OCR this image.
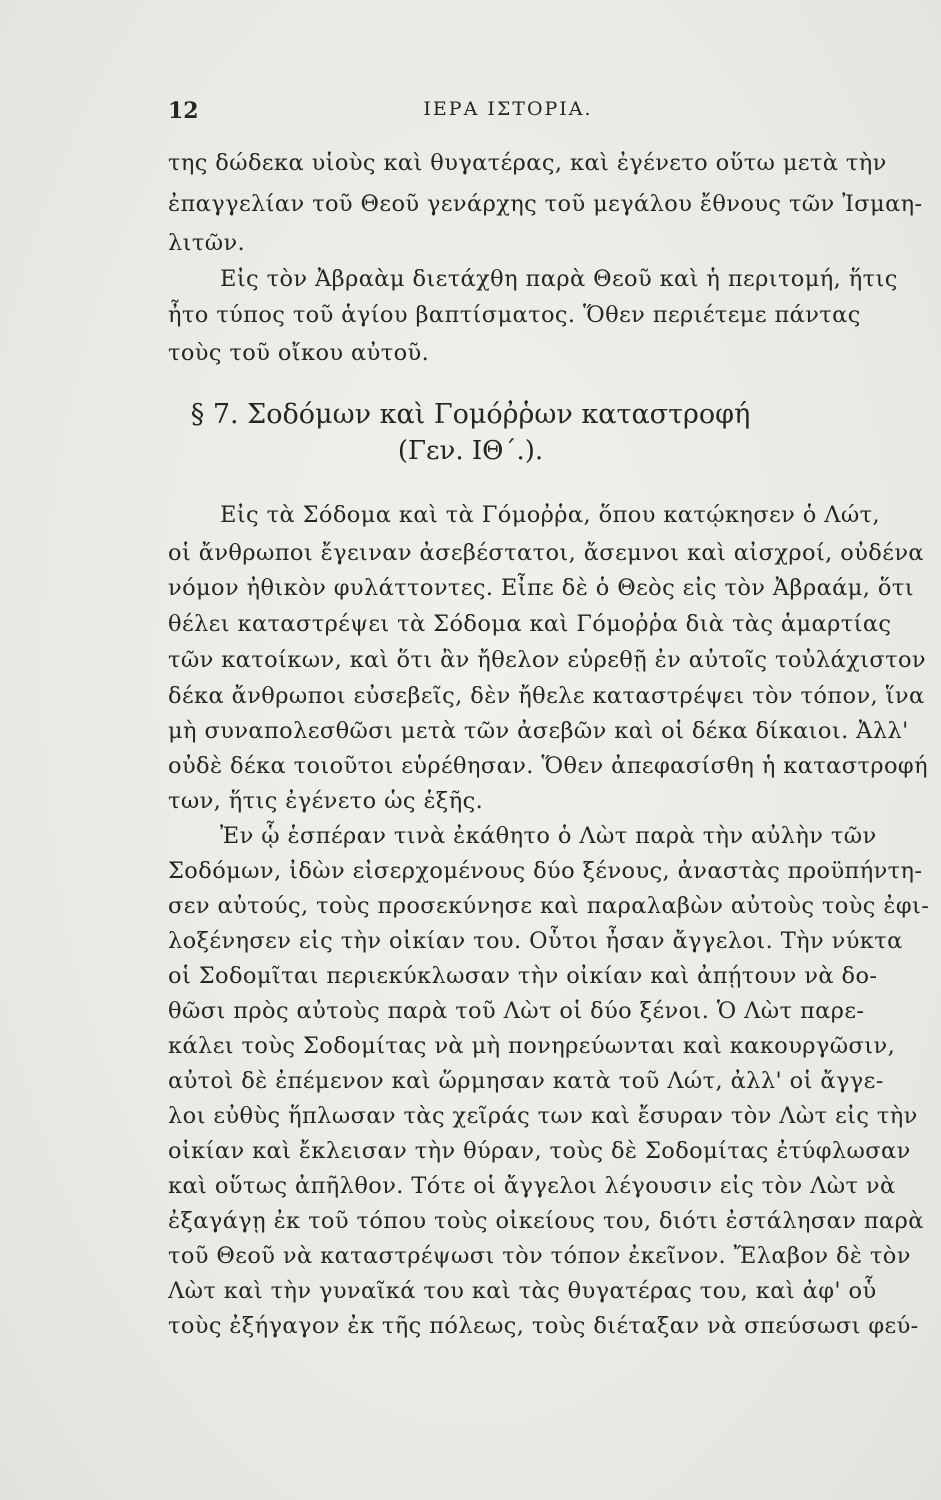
12	ΙΕΡΑ ΙΣΤΟΡΙΑ.
της δώδεκα υἱοὺς καὶ θυγατέρας, καὶ ἐγένετο οὕτω μετὰ τὴν
ἐπαγγελίαν τοῦ Θεοῦ γενάρχης τοῦ μεγάλου ἔθνους τῶν Ἰσμαη-
λιτῶν.
Εἰς τὸν Ἀβραὰμ διετάχθη παρὰ Θεοῦ καὶ ἡ περιτομή, ἥτις
ἦτο τύπος τοῦ ἁγίου βαπτίσματος. Ὅθεν περιέτεμε πάντας
τοὺς τοῦ οἴκου αὐτοῦ.
§ 7. Σοδόμων καὶ Γομόῤῥων καταστροφή
(Γεν. ΙΘ΄.).
Εἰς τὰ Σόδομα καὶ τὰ Γόμοῤῥα, ὅπου κατῴκησεν ὁ Λώτ,
οἱ ἄνθρωποι ἔγειναν ἀσεβέστατοι, ἄσεμνοι καὶ αἰσχροί, οὐδένα
νόμον ἠθικὸν φυλάττοντες. Εἶπε δὲ ὁ Θεὸς εἰς τὸν Ἀβραάμ, ὅτι
θέλει καταστρέψει τὰ Σόδομα καὶ Γόμοῤῥα διὰ τὰς ἁμαρτίας
τῶν κατοίκων, καὶ ὅτι ἂν ἤθελον εὑρεθῇ ἐν αὐτοῖς τοὐλάχιστον
δέκα ἄνθρωποι εὐσεβεῖς, δὲν ἤθελε καταστρέψει τὸν τόπον, ἵνα
μὴ συναπολεσθῶσι μετὰ τῶν ἀσεβῶν καὶ οἱ δέκα δίκαιοι. Ἀλλ'
οὐδὲ δέκα τοιοῦτοι εὑρέθησαν. Ὅθεν ἀπεφασίσθη ἡ καταστροφή
των, ἥτις ἐγένετο ὡς ἑξῆς.
Ἐν ᾧ ἑσπέραν τινὰ ἐκάθητο ὁ Λὼτ παρὰ τὴν αὐλὴν τῶν
Σοδόμων, ἰδὼν εἰσερχομένους δύο ξένους, ἀναστὰς προϋπήντη-
σεν αὐτούς, τοὺς προσεκύνησε καὶ παραλαβὼν αὐτοὺς τοὺς ἐφι-
λοξένησεν εἰς τὴν οἰκίαν του. Οὗτοι ἦσαν ἄγγελοι. Τὴν νύκτα
οἱ Σοδομῖται περιεκύκλωσαν τὴν οἰκίαν καὶ ἀπῄτουν νὰ δο-
θῶσι πρὸς αὐτοὺς παρὰ τοῦ Λὼτ οἱ δύο ξένοι. Ὁ Λὼτ παρε-
κάλει τοὺς Σοδομίτας νὰ μὴ πονηρεύωνται καὶ κακουργῶσιν,
αὐτοὶ δὲ ἐπέμενον καὶ ὥρμησαν κατὰ τοῦ Λώτ, ἀλλ' οἱ ἄγγε-
λοι εὐθὺς ἥπλωσαν τὰς χεῖράς των καὶ ἔσυραν τὸν Λὼτ εἰς τὴν
οἰκίαν καὶ ἔκλεισαν τὴν θύραν, τοὺς δὲ Σοδομίτας ἐτύφλωσαν
καὶ οὕτως ἀπῆλθον. Τότε οἱ ἄγγελοι λέγουσιν εἰς τὸν Λὼτ νὰ
ἐξαγάγῃ ἐκ τοῦ τόπου τοὺς οἰκείους του, διότι ἐστάλησαν παρὰ
τοῦ Θεοῦ νὰ καταστρέψωσι τὸν τόπον ἐκεῖνον. Ἔλαβον δὲ τὸν
Λὼτ καὶ τὴν γυναῖκά του καὶ τὰς θυγατέρας του, καὶ ἀφ' οὗ
τοὺς ἐξήγαγον ἐκ τῆς πόλεως, τοὺς διέταξαν νὰ σπεύσωσι φεύ-
